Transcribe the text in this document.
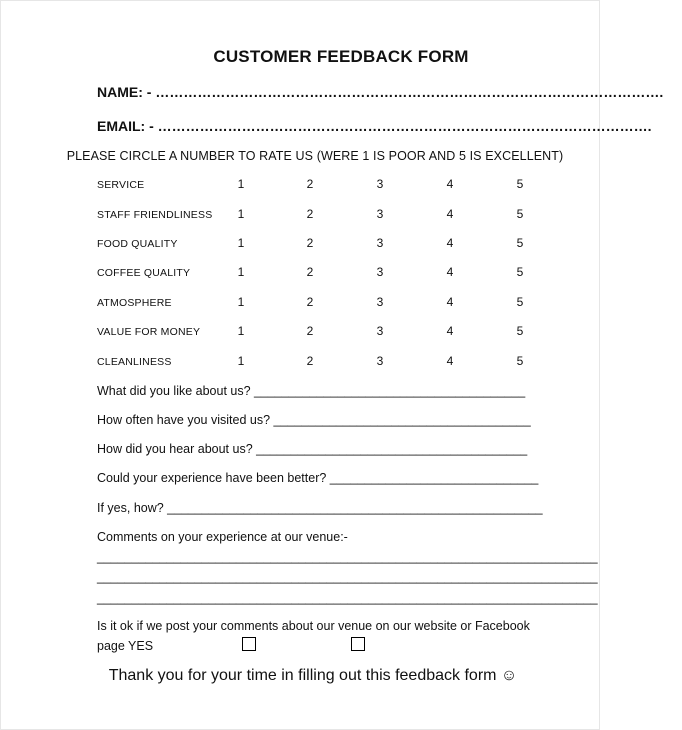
CUSTOMER FEEDBACK FORM
NAME: - ……………………………………………………………………………………………….
EMAIL: - …………………………………………………………………………………………….
PLEASE CIRCLE A NUMBER TO RATE US (WERE 1 IS POOR AND 5 IS EXCELLENT)
SERVICE	1	2	3	4	5
STAFF FRIENDLINESS	1	2	3	4	5
FOOD QUALITY	1	2	3	4	5
COFFEE QUALITY	1	2	3	4	5
ATMOSPHERE	1	2	3	4	5
VALUE FOR MONEY	1	2	3	4	5
CLEANLINESS	1	2	3	4	5
What did you like about us? _______________________________________
How often have you visited us? _____________________________________
How did you hear about us? _______________________________________
Could your experience have been better? ______________________________
If yes, how? ______________________________________________________
Comments on your experience at our venue:-
________________________________________________________________________
________________________________________________________________________
________________________________________________________________________
Is it ok if we post your comments about our venue on our website or Facebook
page YES
Thank you for your time in filling out this feedback form ☺
